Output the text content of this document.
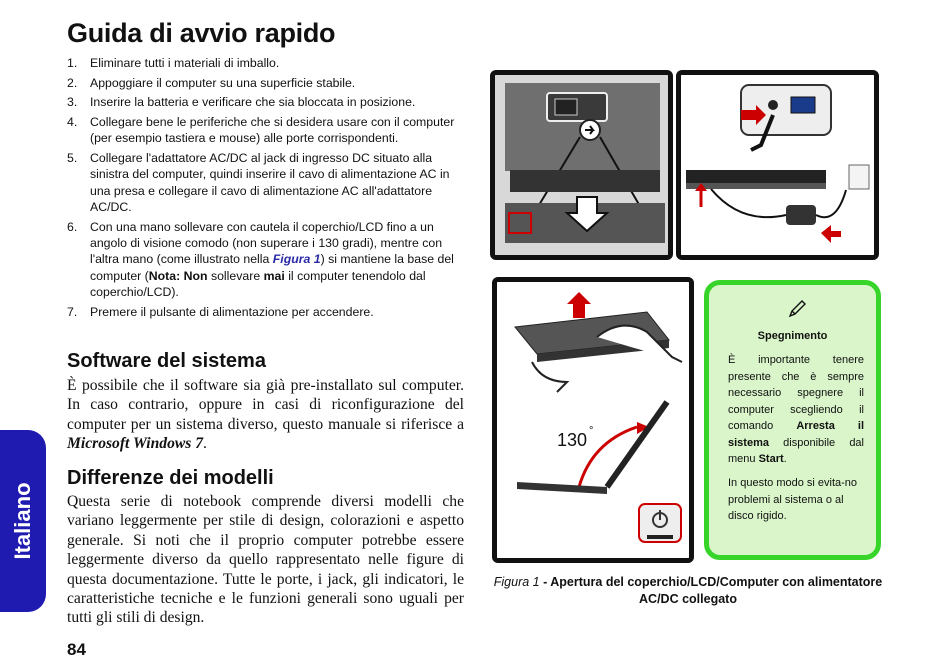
Italiano
Guida di avvio rapido
1. Eliminare tutti i materiali di imballo.
2. Appoggiare il computer su una superficie stabile.
3. Inserire la batteria e verificare che sia bloccata in posizione.
4. Collegare bene le periferiche che si desidera usare con il computer (per esempio tastiera e mouse) alle porte corrispondenti.
5. Collegare l'adattatore AC/DC al jack di ingresso DC situato alla sinistra del computer, quindi inserire il cavo di alimentazione AC in una presa e collegare il cavo di alimentazione AC all'adattatore AC/DC.
6. Con una mano sollevare con cautela il coperchio/LCD fino a un angolo di visione comodo (non superare i 130 gradi), mentre con l'altra mano (come illustrato nella Figura 1) si mantiene la base del computer (Nota: Non sollevare mai il computer tenendolo dal coperchio/LCD).
7. Premere il pulsante di alimentazione per accendere.
Software del sistema

È possibile che il software sia già pre-installato sul computer. In caso contrario, oppure in casi di riconfigurazione del computer per un sistema diverso, questo manuale si riferisce a Microsoft Windows 7.

Differenze dei modelli

Questa serie di notebook comprende diversi modelli che variano leggermente per stile di design, colorazioni e aspetto generale. Si noti che il proprio computer potrebbe essere leggermente diverso da quello rappresentato nelle figure di questa documentazione. Tutte le porte, i jack, gli indicatori, le caratteristiche tecniche e le funzioni generali sono uguali per tutti gli stili di design.

84
130 °
Spegnimento

È importante tenere presente che è sempre necessario spegnere il computer scegliendo il comando Arresta il sistema disponibile dal menu Start.

In questo modo si evita-no problemi al sistema o al disco rigido.

Figura 1 - Apertura del coperchio/LCD/Computer con alimentatore AC/DC collegato
